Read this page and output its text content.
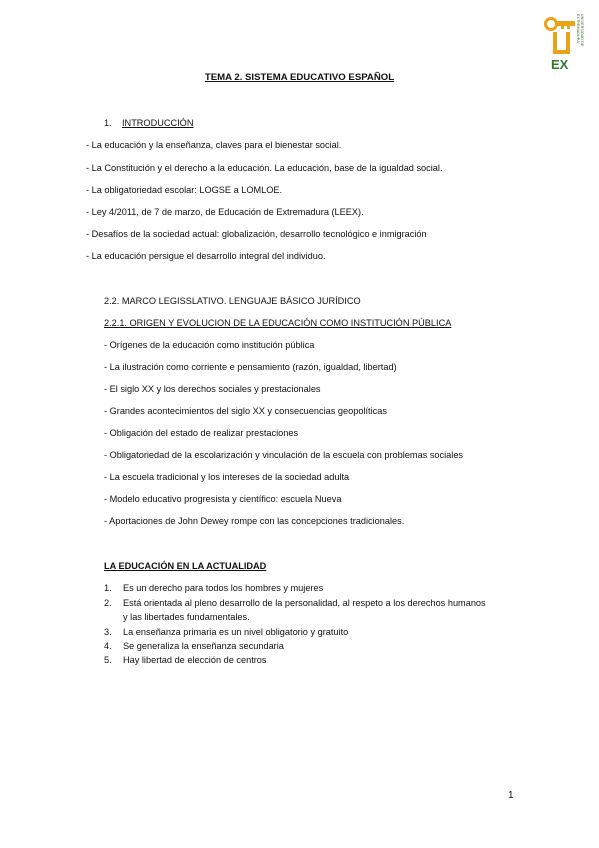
UNIVERSIDAD DE EXTREMADURA
EX
TEMA 2. SISTEMA EDUCATIVO ESPAÑOL
1. INTRODUCCIÓN
- La educación y la enseñanza, claves para el bienestar social.
- La Constitución y el derecho a la educación. La educación, base de la igualdad social.
- La obligatoriedad escolar: LOGSE a LOMLOE.
- Ley 4/2011, de 7 de marzo, de Educación de Extremadura (LEEX).
- Desafíos de la sociedad actual: globalización, desarrollo tecnológico e inmigración
- La educación persigue el desarrollo integral del individuo.
2.2. MARCO LEGISSLATIVO. LENGUAJE BÁSICO JURÍDICO
2.2.1. ORIGEN Y EVOLUCION DE LA EDUCACIÓN COMO INSTITUCIÓN PÚBLICA
- Orígenes de la educación como institución pública
- La ilustración como corriente e pensamiento (razón, igualdad, libertad)
- El siglo XX y los derechos sociales y prestacionales
- Grandes acontecimientos del siglo XX y consecuencias geopolíticas
- Obligación del estado de realizar prestaciones
- Obligatoriedad de la escolarización y vinculación de la escuela con problemas sociales
- La escuela tradicional y los intereses de la sociedad adulta
- Modelo educativo progresista y científico: escuela Nueva
- Aportaciones de John Dewey rompe con las concepciones tradicionales.
LA EDUCACIÓN EN LA ACTUALIDAD
1. Es un derecho para todos los hombres y mujeres
2. Está orientada al pleno desarrollo de la personalidad, al respeto a los derechos humanos
y las libertades fundamentales.
3. La enseñanza primaria es un nivel obligatorio y gratuito
4. Se generaliza la enseñanza secundaria
5. Hay libertad de elección de centros
1
